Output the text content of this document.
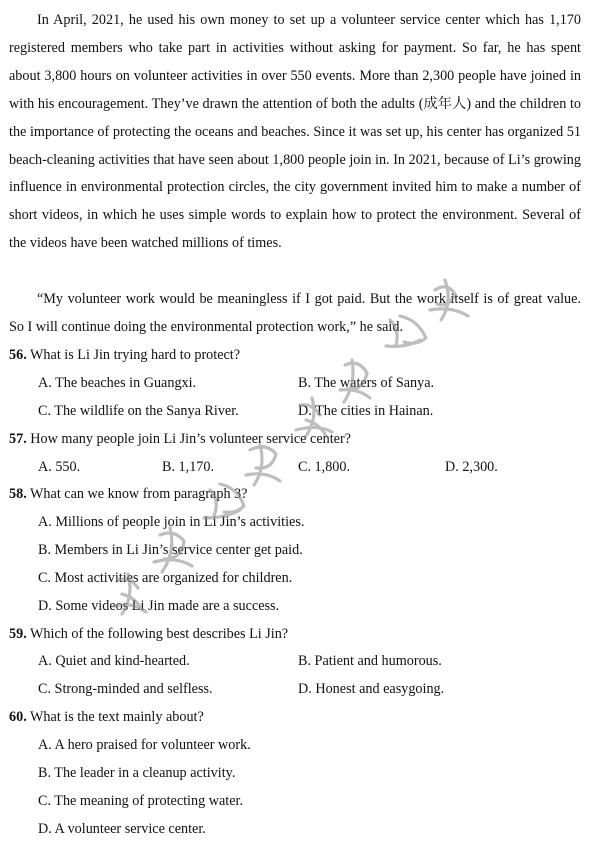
In April, 2021, he used his own money to set up a volunteer service center which has 1,170 registered members who take part in activities without asking for payment. So far, he has spent about 3,800 hours on volunteer activities in over 550 events. More than 2,300 people have joined in with his encouragement. They’ve drawn the attention of both the adults (成年人) and the children to the importance of protecting the oceans and beaches. Since it was set up, his center has organized 51 beach-cleaning activities that have seen about 1,800 people join in. In 2021, because of Li’s growing influence in environmental protection circles, the city government invited him to make a number of short videos, in which he uses simple words to explain how to protect the environment. Several of the videos have been watched millions of times.

“My volunteer work would be meaningless if I got paid. But the work itself is of great value. So I will continue doing the environmental protection work,” he said.

56. What is Li Jin trying hard to protect?
A. The beaches in Guangxi.	B. The waters of Sanya.
C. The wildlife on the Sanya River.	D. The cities in Hainan.
57. How many people join Li Jin’s volunteer service center?
A. 550.	B. 1,170.	C. 1,800.	D. 2,300.
58. What can we know from paragraph 3?
A. Millions of people join in Li Jin’s activities.
B. Members in Li Jin’s service center get paid.
C. Most activities are organized for children.
D. Some videos Li Jin made are a success.
59. Which of the following best describes Li Jin?
A. Quiet and kind-hearted.	B. Patient and humorous.
C. Strong-minded and selfless.	D. Honest and easygoing.
60. What is the text mainly about?
A. A hero praised for volunteer work.
B. The leader in a cleanup activity.
C. The meaning of protecting water.
D. A volunteer service center.
